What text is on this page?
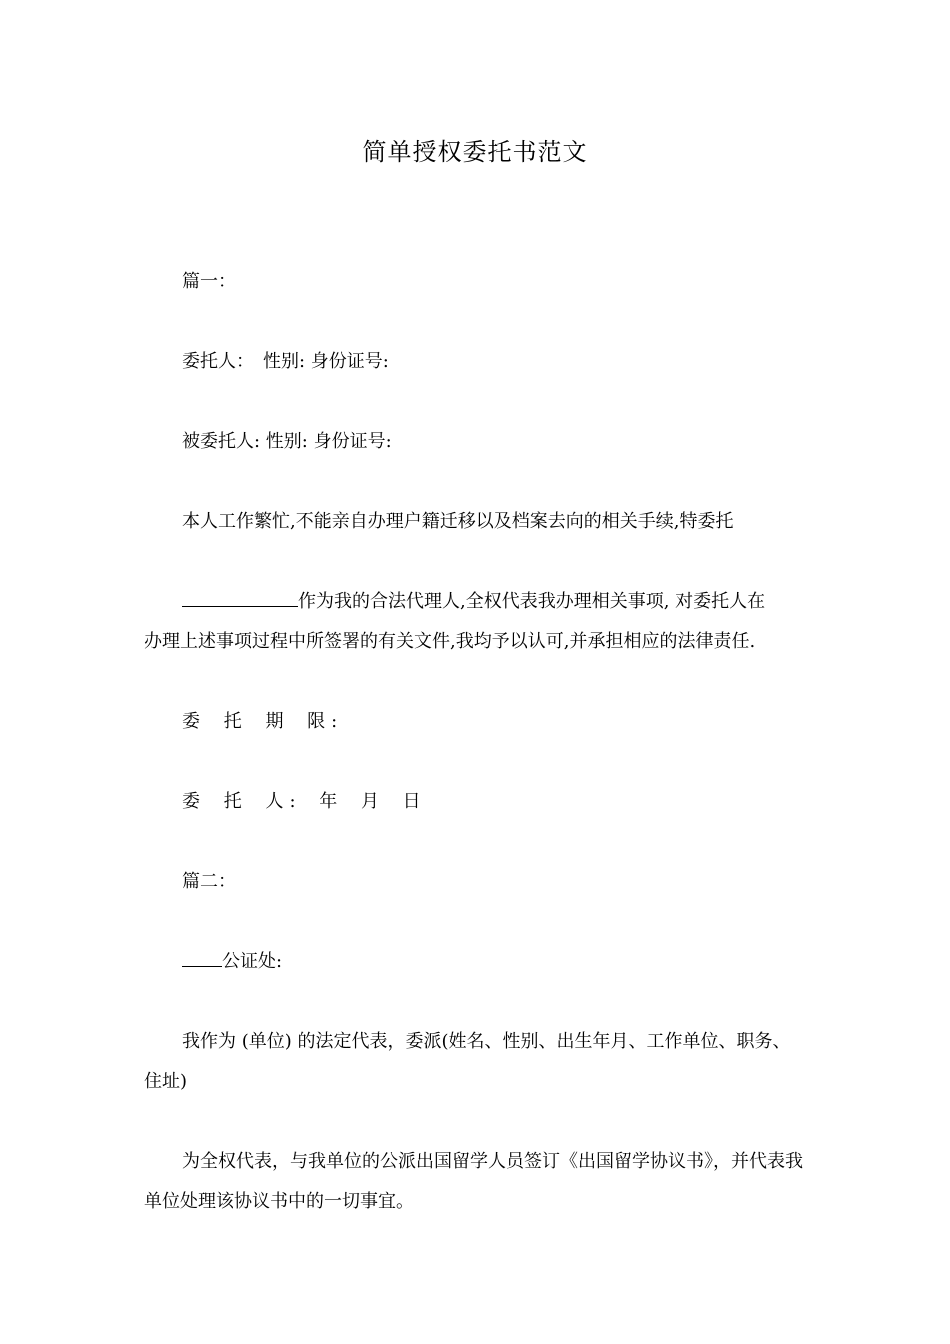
简单授权委托书范文
篇一：
委托人：　性别: 身份证号:
被委托人: 性别: 身份证号:
本人工作繁忙,不能亲自办理户籍迁移以及档案去向的相关手续,特委托
作为我的合法代理人,全权代表我办理相关事项, 对委托人在
办理上述事项过程中所签署的有关文件,我均予以认可,并承担相应的法律责任.
委 托 期 限:
委 托 人: 年 月 日
篇二：
公证处:
我作为 (单位) 的法定代表，委派(姓名、性别、出生年月、工作单位、职务、住址)
为全权代表，与我单位的公派出国留学人员签订《出国留学协议书》，并代表我单位处理该协议书中的一切事宜。
